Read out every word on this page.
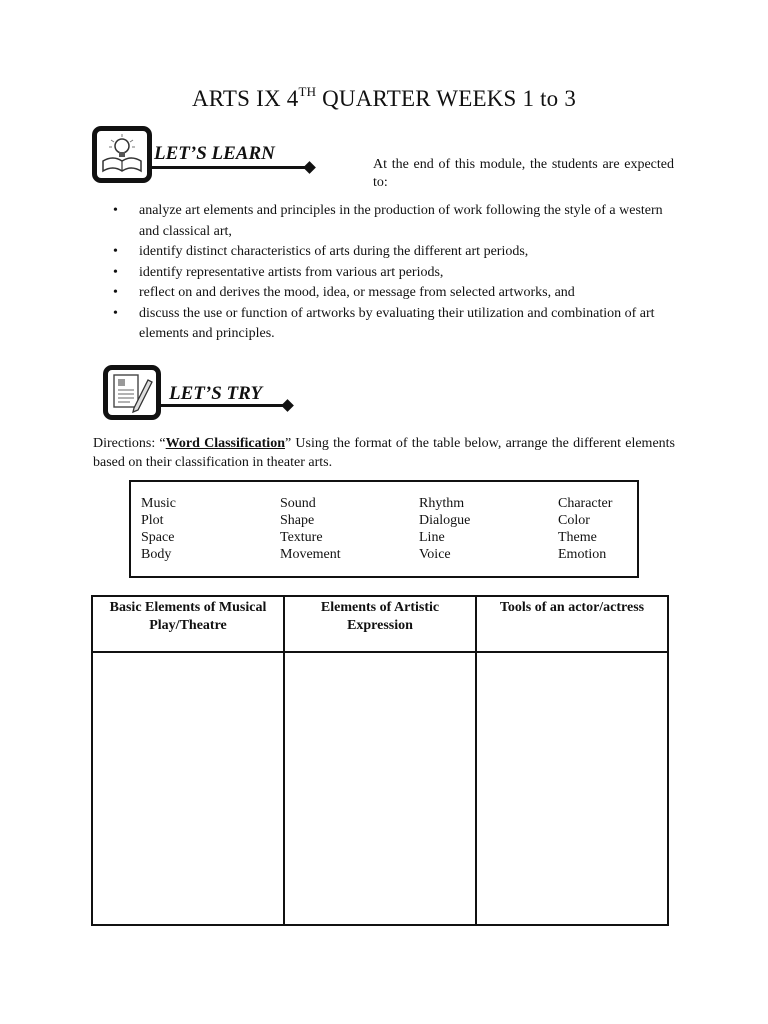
ARTS IX 4TH QUARTER WEEKS 1 to 3
LET’S LEARN
At the end of this module, the students are expected to:
• analyze art elements and principles in the production of work following the style of a western and classical art,
• identify distinct characteristics of arts during the different art periods,
• identify representative artists from various art periods,
• reflect on and derives the mood, idea, or message from selected artworks, and
• discuss the use or function of artworks by evaluating their utilization and combination of art elements and principles.
LET’S TRY
Directions: “Word Classification” Using the format of the table below, arrange the different elements based on their classification in theater arts.
Music	Sound	Rhythm	Character
Plot	Shape	Dialogue	Color
Space	Texture	Line	Theme
Body	Movement	Voice	Emotion
Basic Elements of Musical Play/Theatre	Elements of Artistic Expression	Tools of an actor/actress
